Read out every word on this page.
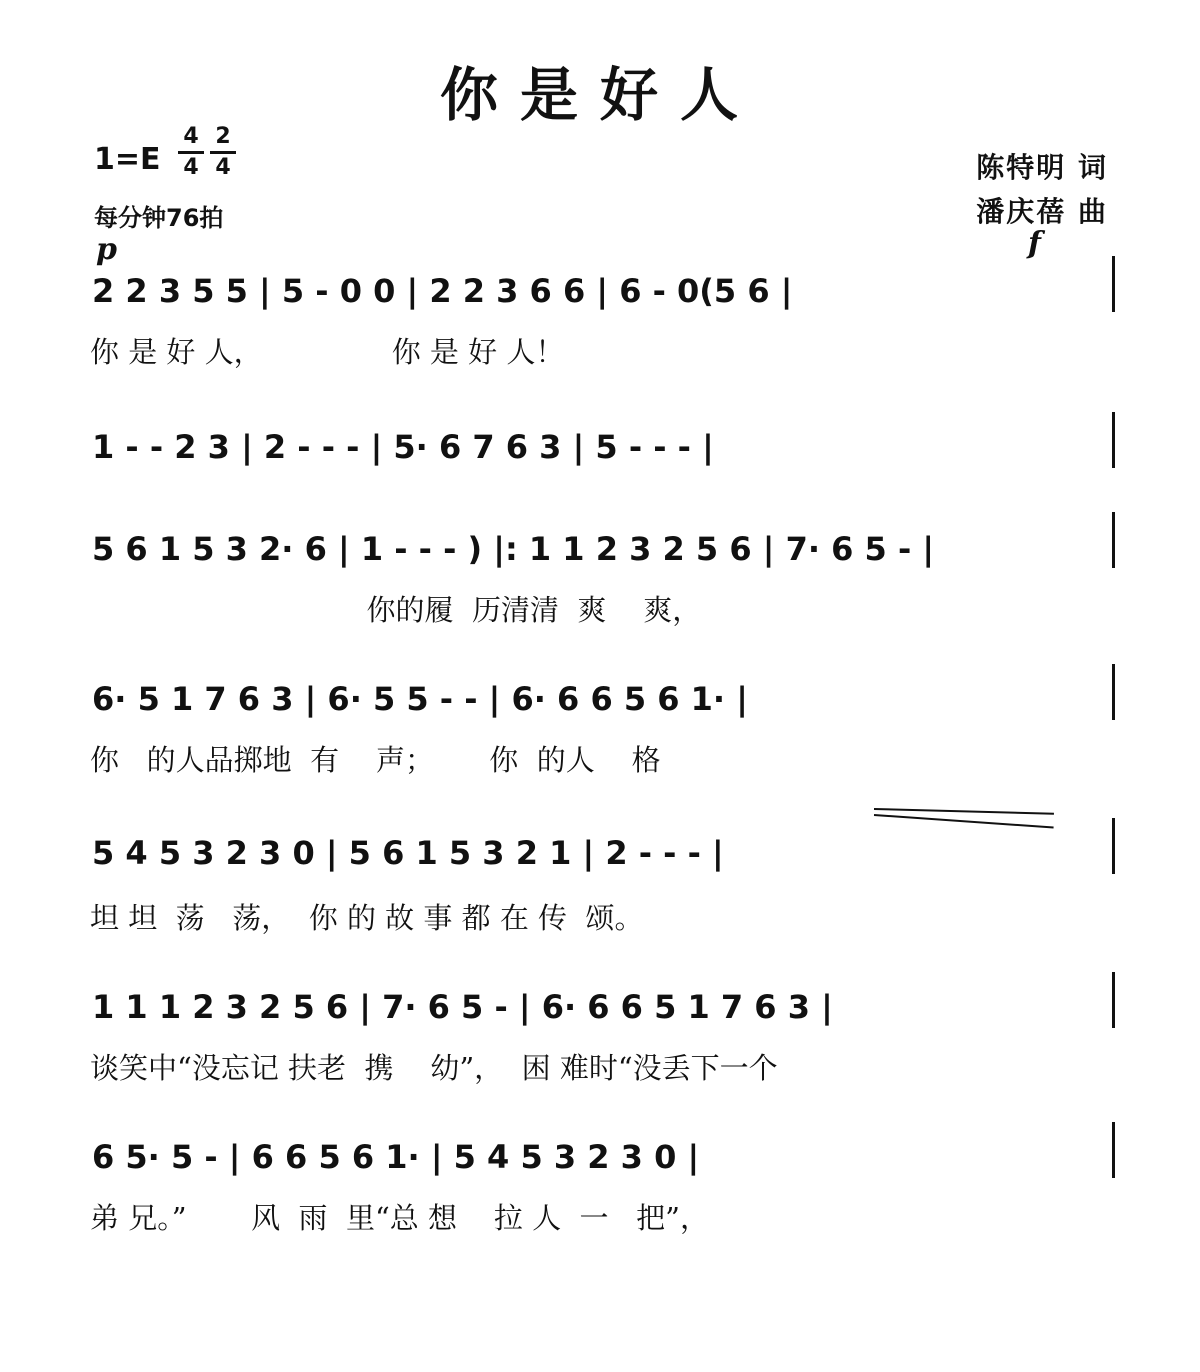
你是好人
1=E
4
4
2
4
每分钟76拍
陈特明 词
潘庆蓓 曲
p	f
2 2 3 5 5 | 5 - 0 0 | 2 2 3 6 6 | 6 - 0(5 6 |
你 是 好 人，              你 是 好 人！
1 - - 2 3 | 2 - - - | 5· 6 7 6 3 | 5 - - - |
5 6 1 5 3 2· 6 | 1 - - - ) |: 1 1 2 3 2 5 6 | 7· 6 5 - |
你的履  历清清  爽    爽，
6· 5 1 7 6 3 | 6· 5 5 - - | 6· 6 6 5 6 1· |
你   的人品掷地  有    声；      你  的人    格
5 4 5 3 2 3 0 | 5 6 1 5 3 2 1 | 2 - - - |
坦 坦  荡   荡，  你 的 故 事 都 在 传  颂。
1 1 1 2 3 2 5 6 | 7· 6 5 - | 6· 6 6 5 1 7 6 3 |
谈笑中“没忘记 扶老  携    幼”，  困 难时“没丢下一个
6 5· 5 - | 6 6 5 6 1· | 5 4 5 3 2 3 0 |
弟 兄。”       风  雨  里“总 想    拉 人  一   把”，
